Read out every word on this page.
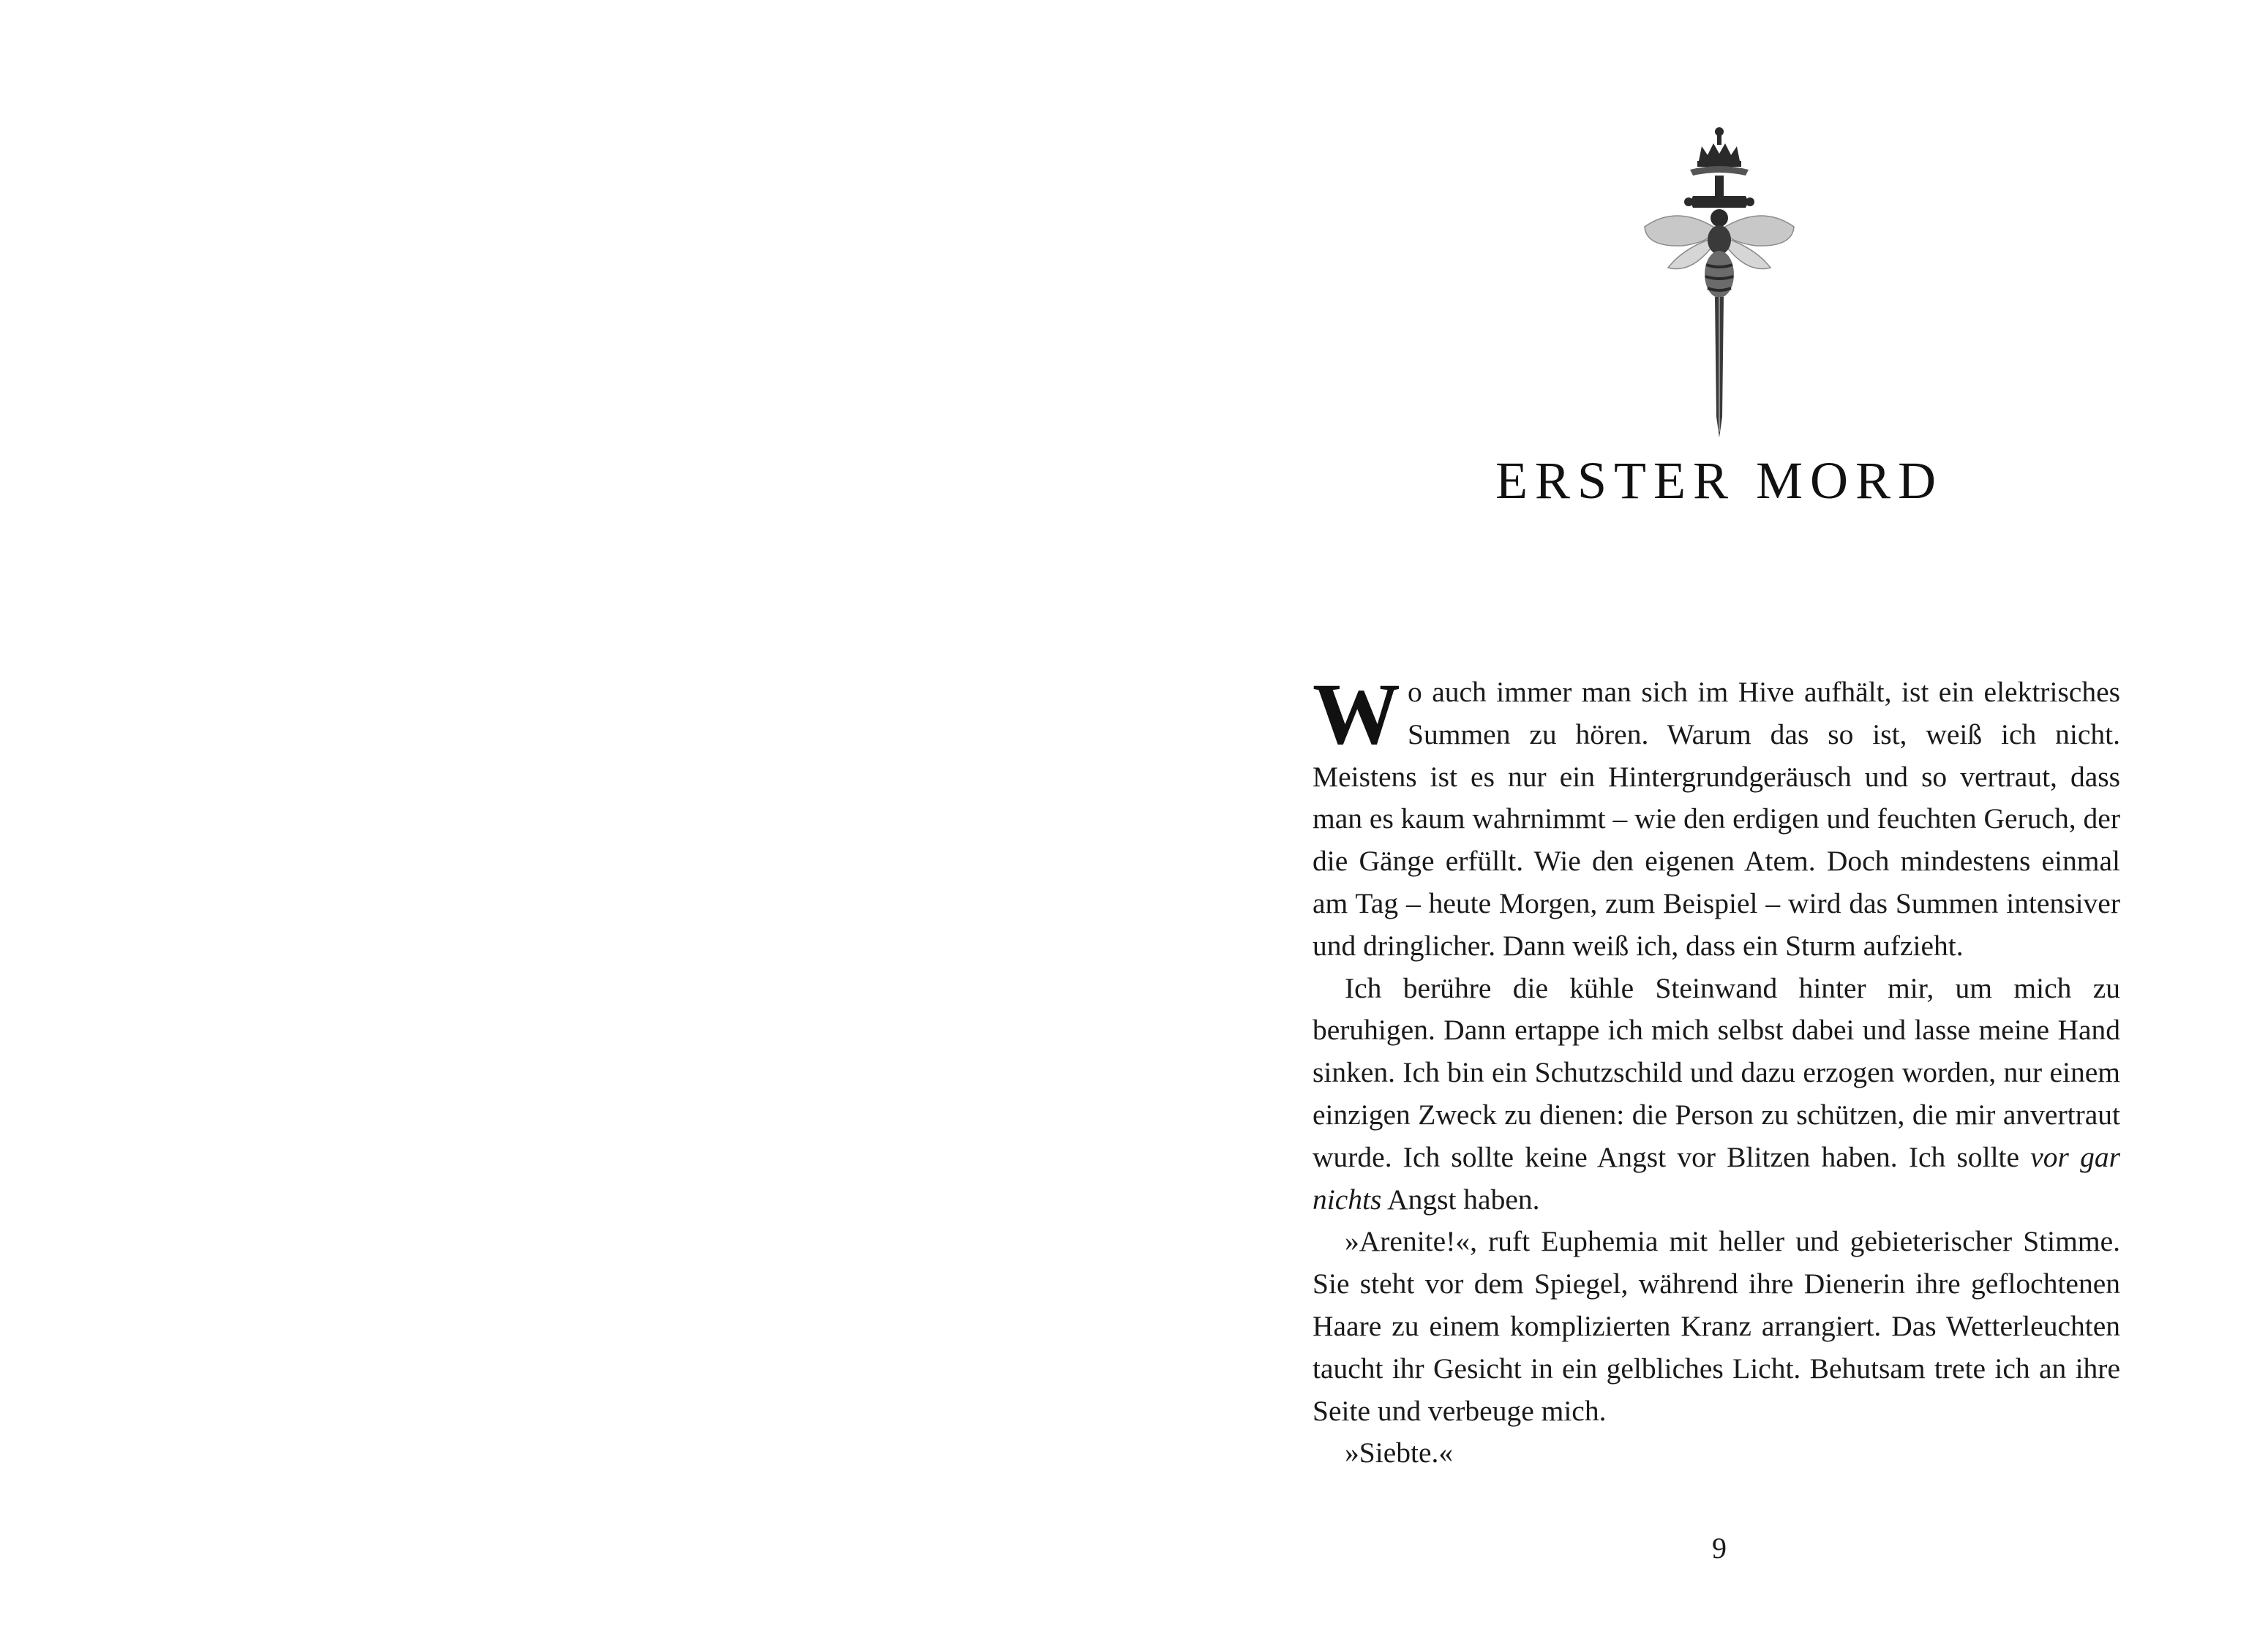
ERSTER MORD

Wo auch immer man sich im Hive aufhält, ist ein elektrisches Summen zu hören. Warum das so ist, weiß ich nicht. Meistens ist es nur ein Hintergrundgeräusch und so vertraut, dass man es kaum wahrnimmt – wie den erdigen und feuchten Geruch, der die Gänge erfüllt. Wie den eigenen Atem. Doch mindestens einmal am Tag – heute Morgen, zum Beispiel – wird das Summen intensiver und dringlicher. Dann weiß ich, dass ein Sturm aufzieht.

Ich berühre die kühle Steinwand hinter mir, um mich zu beruhigen. Dann ertappe ich mich selbst dabei und lasse meine Hand sinken. Ich bin ein Schutzschild und dazu erzogen worden, nur einem einzigen Zweck zu dienen: die Person zu schützen, die mir anvertraut wurde. Ich sollte keine Angst vor Blitzen haben. Ich sollte vor gar nichts Angst haben.

»Arenite!«, ruft Euphemia mit heller und gebieterischer Stimme. Sie steht vor dem Spiegel, während ihre Dienerin ihre geflochtenen Haare zu einem komplizierten Kranz arrangiert. Das Wetterleuchten taucht ihr Gesicht in ein gelbliches Licht. Behutsam trete ich an ihre Seite und verbeuge mich.

»Siebte.«

9
